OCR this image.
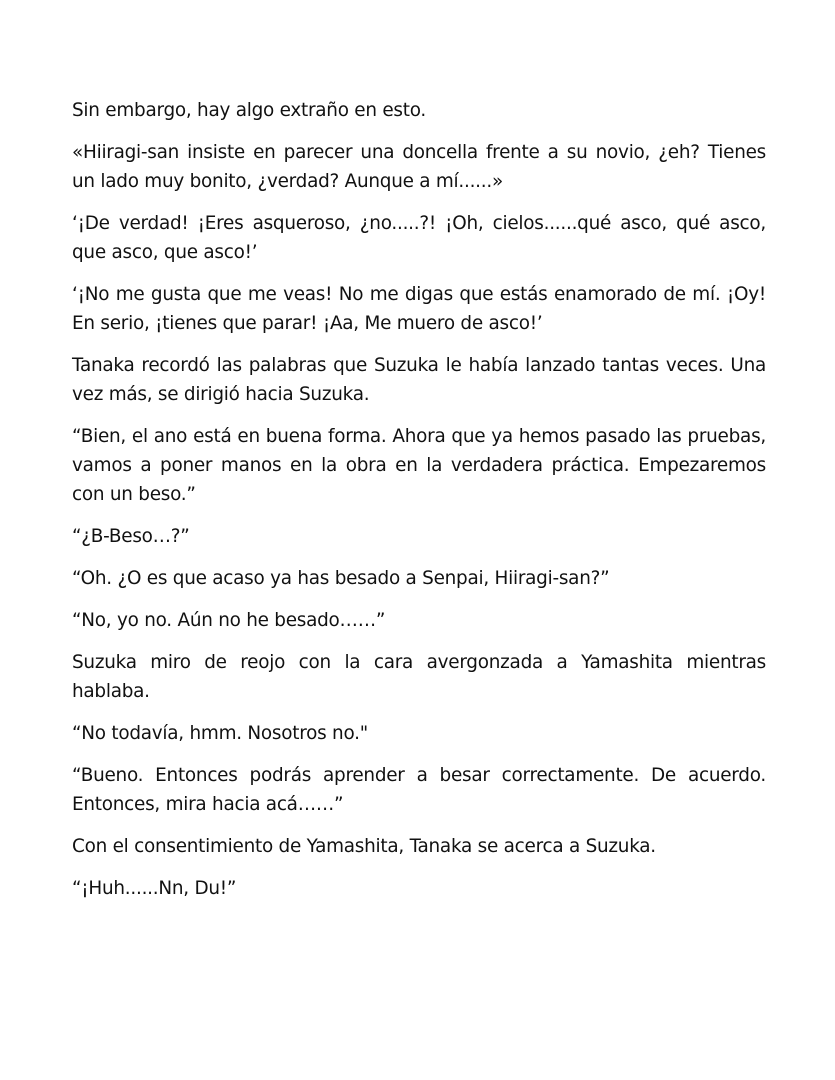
Sin embargo, hay algo extraño en esto.

«Hiiragi-san insiste en parecer una doncella frente a su novio, ¿eh? Tienes un lado muy bonito, ¿verdad? Aunque a mí......»

‘¡De verdad! ¡Eres asqueroso, ¿no.....?! ¡Oh, cielos......qué asco, qué asco, que asco, que asco!’

‘¡No me gusta que me veas! No me digas que estás enamorado de mí. ¡Oy! En serio, ¡tienes que parar! ¡Aa, Me muero de asco!’

Tanaka recordó las palabras que Suzuka le había lanzado tantas veces. Una vez más, se dirigió hacia Suzuka.

“Bien, el ano está en buena forma. Ahora que ya hemos pasado las pruebas, vamos a poner manos en la obra en la verdadera práctica. Empezaremos con un beso.”

“¿B-Beso…?”

“Oh. ¿O es que acaso ya has besado a Senpai, Hiiragi-san?”

“No, yo no. Aún no he besado……”

Suzuka miro de reojo con la cara avergonzada a Yamashita mientras hablaba.

“No todavía, hmm. Nosotros no."

“Bueno. Entonces podrás aprender a besar correctamente. De acuerdo. Entonces, mira hacia acá……”

Con el consentimiento de Yamashita, Tanaka se acerca a Suzuka.

“¡Huh......Nn, Du!”
